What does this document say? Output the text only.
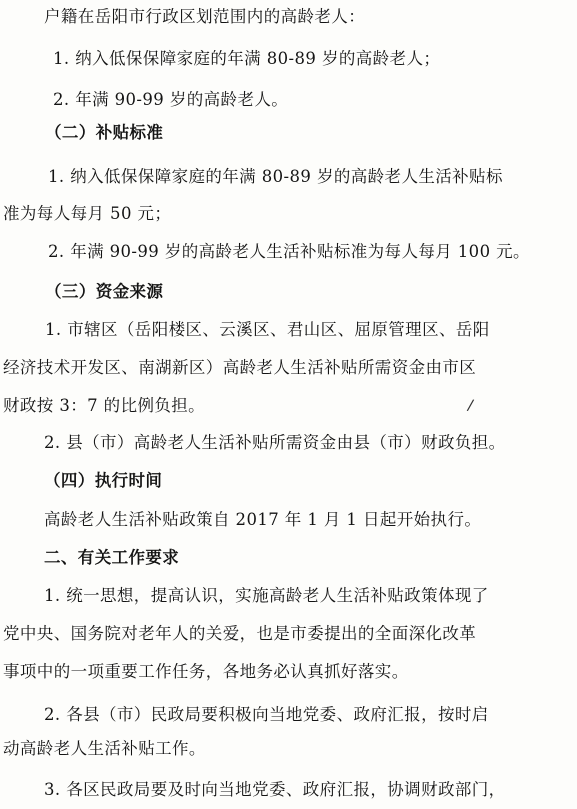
户籍在岳阳市行政区划范围内的高龄老人：
1. 纳入低保保障家庭的年满 80-89 岁的高龄老人；
2. 年满 90-99 岁的高龄老人。
（二）补贴标准
1. 纳入低保保障家庭的年满 80-89 岁的高龄老人生活补贴标
准为每人每月 50 元；
2. 年满 90-99 岁的高龄老人生活补贴标准为每人每月 100 元。
（三）资金来源
1. 市辖区（岳阳楼区、云溪区、君山区、屈原管理区、岳阳
经济技术开发区、南湖新区）高龄老人生活补贴所需资金由市区
财政按 3：7 的比例负担。
2. 县（市）高龄老人生活补贴所需资金由县（市）财政负担。
（四）执行时间
高龄老人生活补贴政策自 2017 年 1 月 1 日起开始执行。
二、有关工作要求
1. 统一思想，提高认识，实施高龄老人生活补贴政策体现了
党中央、国务院对老年人的关爱，也是市委提出的全面深化改革
事项中的一项重要工作任务，各地务必认真抓好落实。
2. 各县（市）民政局要积极向当地党委、政府汇报，按时启
动高龄老人生活补贴工作。
3. 各区民政局要及时向当地党委、政府汇报，协调财政部门，
/
